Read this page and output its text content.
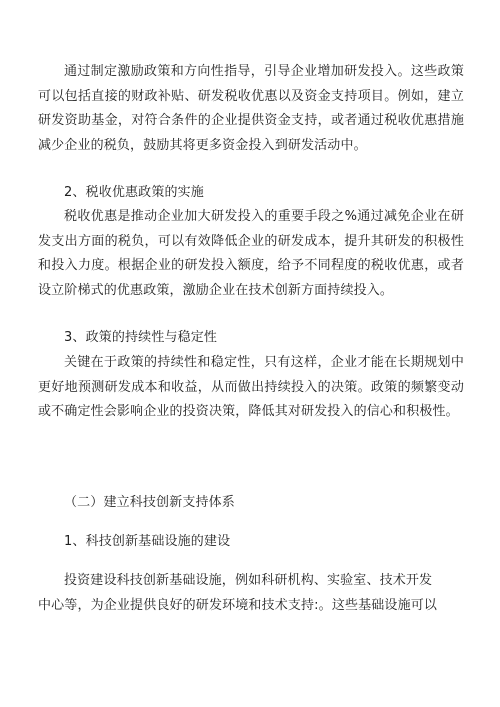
通过制定激励政策和方向性指导，引导企业增加研发投入。这些政策可以包括直接的财政补贴、研发税收优惠以及资金支持项目。例如，建立研发资助基金，对符合条件的企业提供资金支持，或者通过税收优惠措施减少企业的税负，鼓励其将更多资金投入到研发活动中。

2、税收优惠政策的实施

税收优惠是推动企业加大研发投入的重要手段之%通过减免企业在研发支出方面的税负，可以有效降低企业的研发成本，提升其研发的积极性和投入力度。根据企业的研发投入额度，给予不同程度的税收优惠，或者设立阶梯式的优惠政策，激励企业在技术创新方面持续投入。

3、政策的持续性与稳定性

关键在于政策的持续性和稳定性，只有这样，企业才能在长期规划中更好地预测研发成本和收益，从而做出持续投入的决策。政策的频繁变动或不确定性会影响企业的投资决策，降低其对研发投入的信心和积极性。

（二）建立科技创新支持体系

1、科技创新基础设施的建设

投资建设科技创新基础设施，例如科研机构、实验室、技术开发
中心等，为企业提供良好的研发环境和技术支持:。这些基础设施可以
